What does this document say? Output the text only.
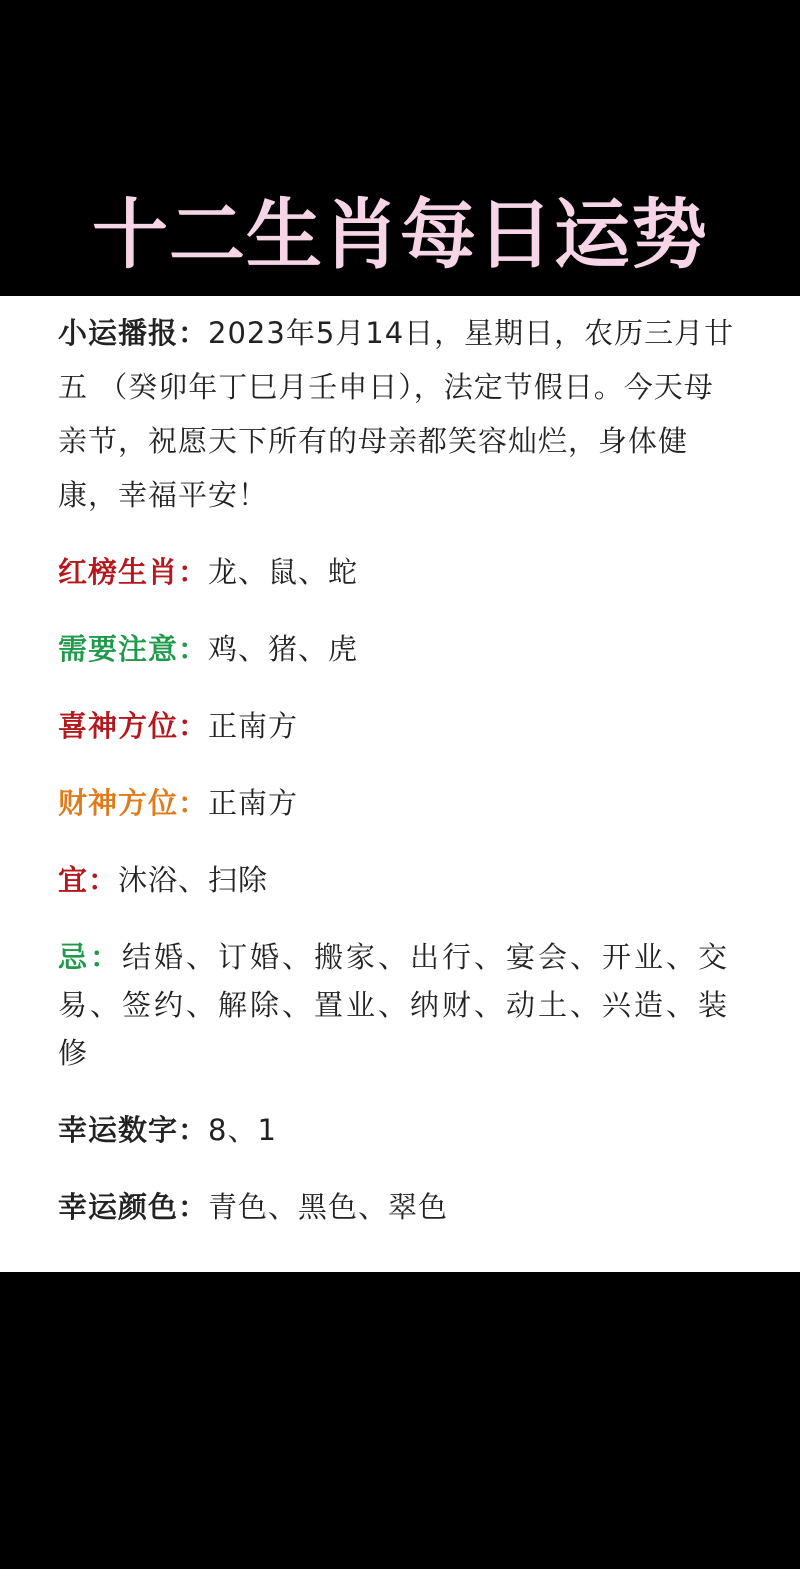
十二生肖每日运势

小运播报：2023年5月14日，星期日，农历三月廿五 （癸卯年丁巳月壬申日），法定节假日。今天母亲节，祝愿天下所有的母亲都笑容灿烂，身体健康，幸福平安！

红榜生肖：龙、鼠、蛇

需要注意：鸡、猪、虎

喜神方位：正南方

财神方位：正南方

宜：沐浴、扫除

忌：结婚、订婚、搬家、出行、宴会、开业、交易、签约、解除、置业、纳财、动土、兴造、装修

幸运数字：8、1

幸运颜色：青色、黑色、翠色
